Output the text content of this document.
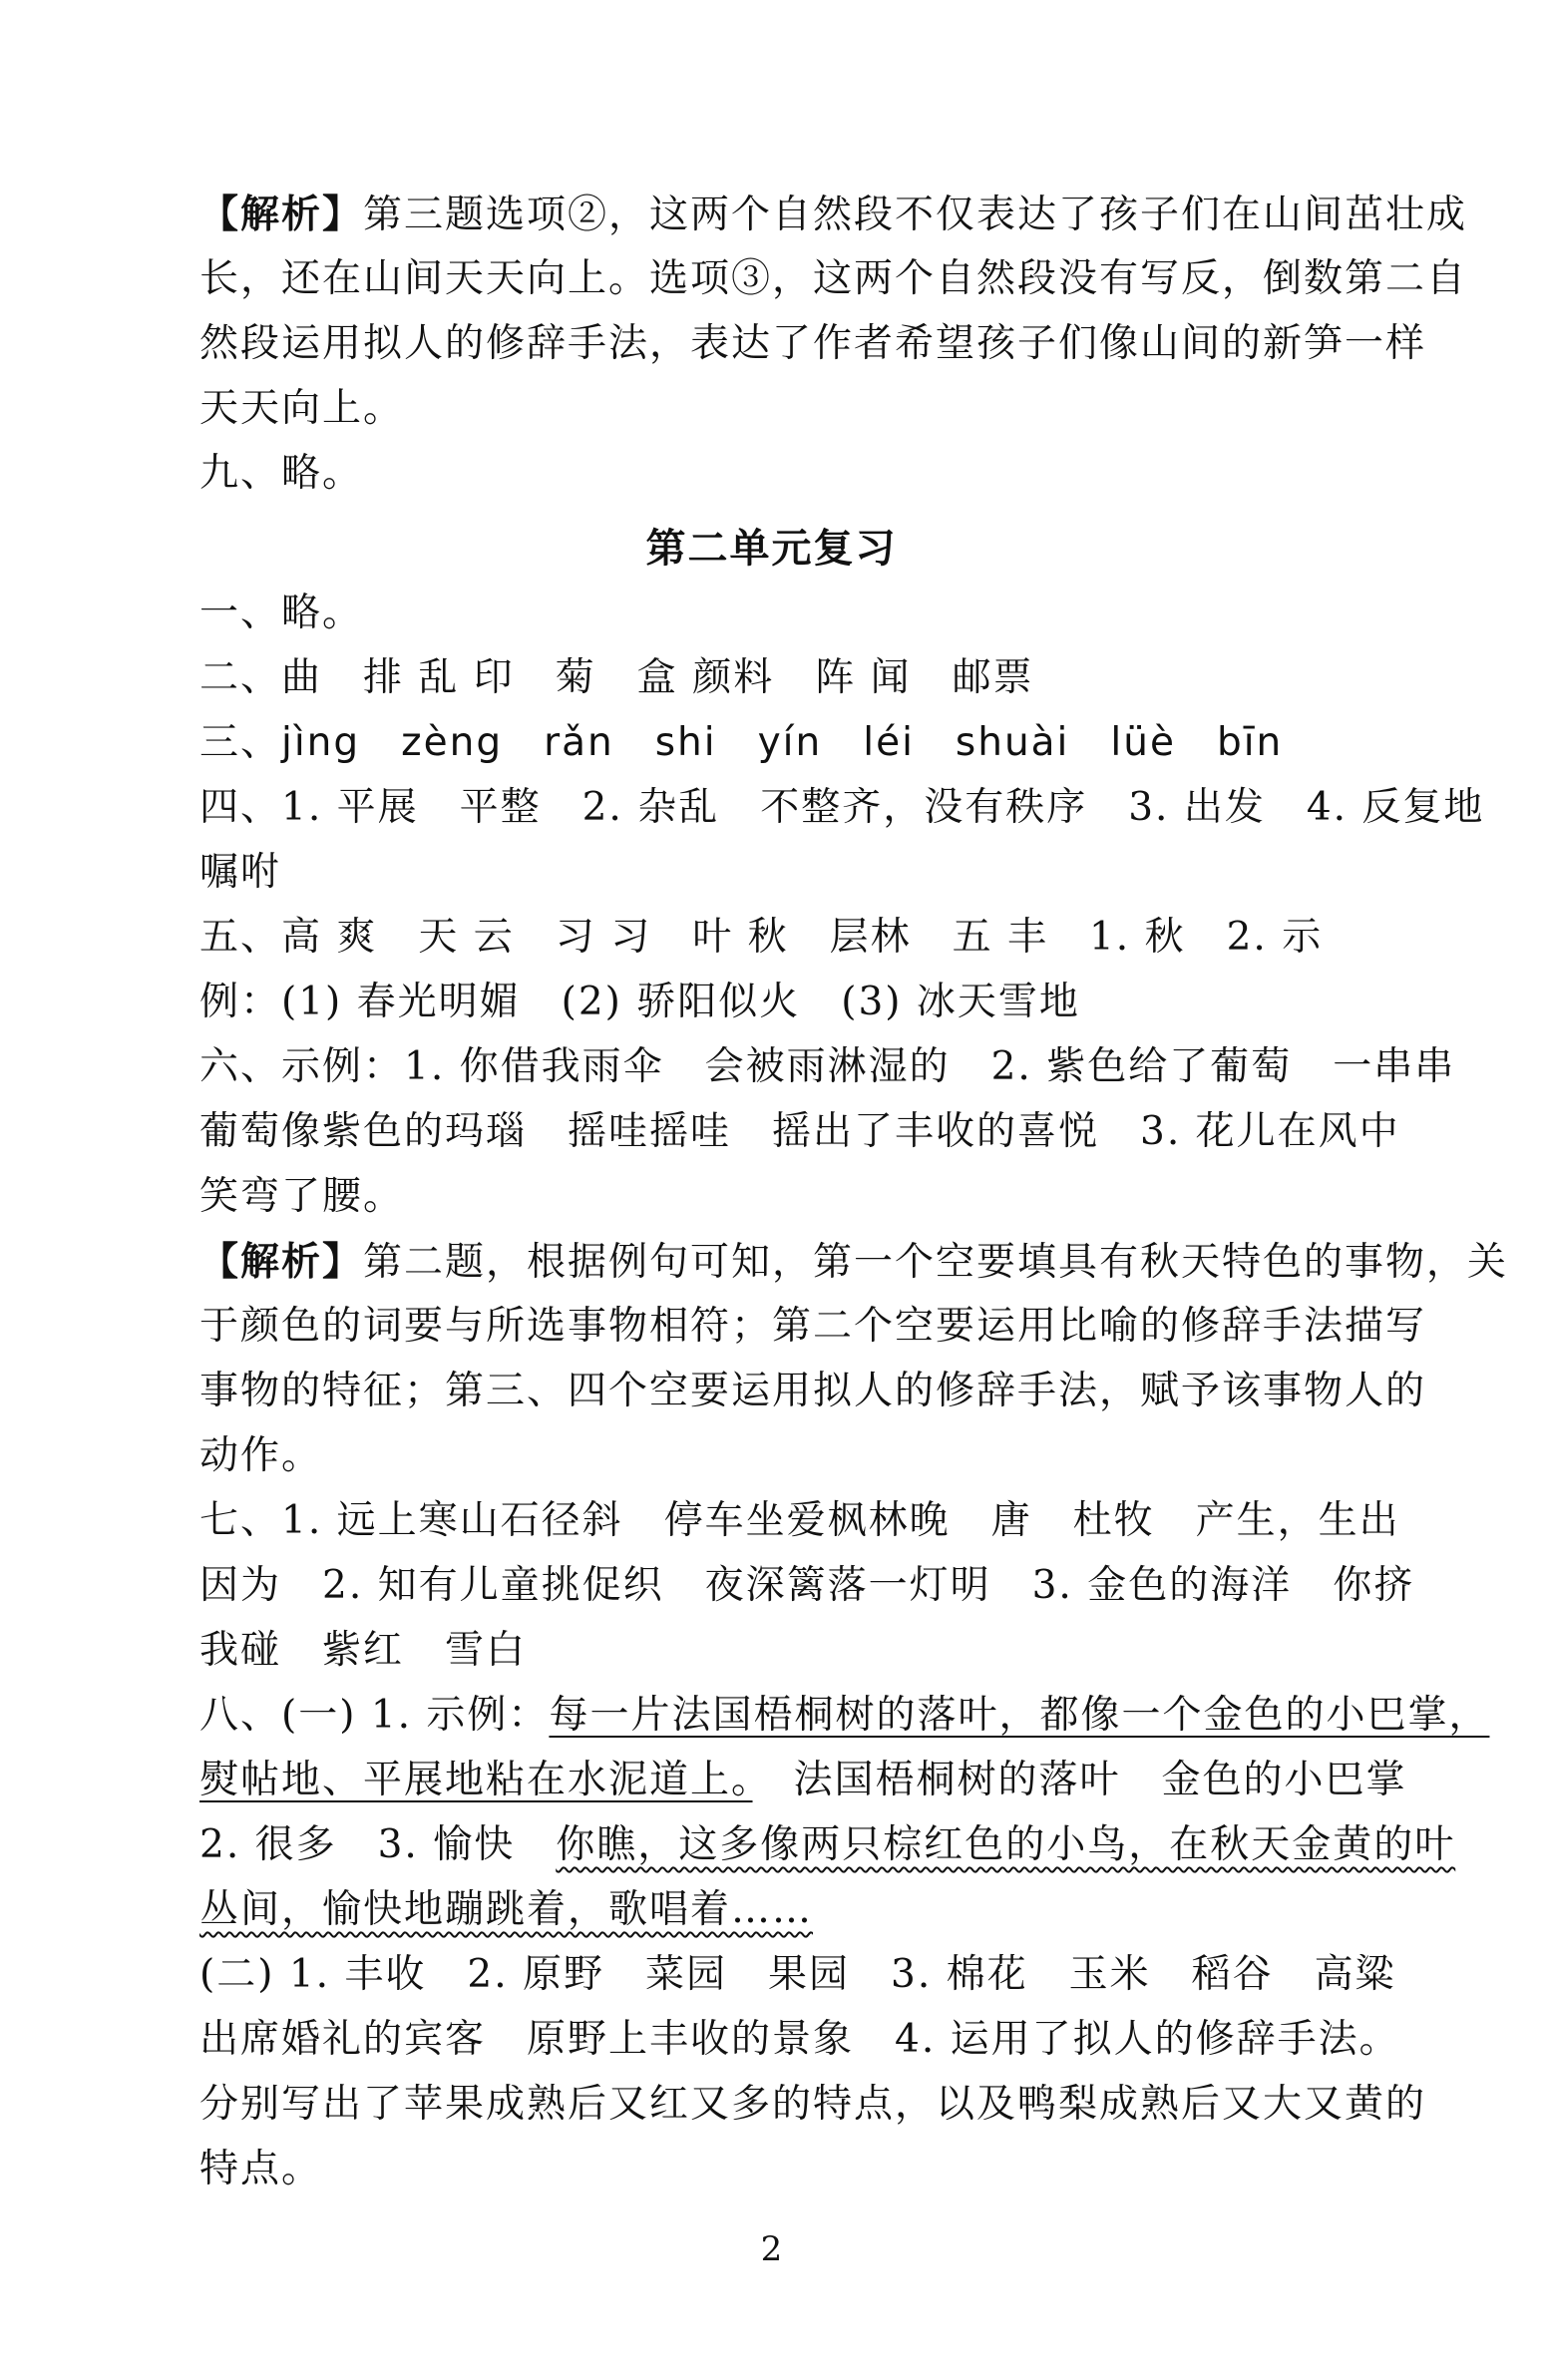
【解析】第三题选项②，这两个自然段不仅表达了孩子们在山间茁壮成
长，还在山间天天向上。选项③，这两个自然段没有写反，倒数第二自
然段运用拟人的修辞手法，表达了作者希望孩子们像山间的新笋一样
天天向上。
九、略。
第二单元复习
一、略。
二、曲　排 乱 印　菊　盒 颜料　阵 闻　邮票
三、jìng　zèng　rǎn　shi　yín　léi　shuài　lüè　bīn
四、1. 平展　平整　2. 杂乱　不整齐，没有秩序　3. 出发　4. 反复地
嘱咐
五、高 爽　天 云　习 习　叶 秋　层林　五 丰　1. 秋　2. 示
例：(1) 春光明媚　(2) 骄阳似火　(3) 冰天雪地
六、示例：1. 你借我雨伞　会被雨淋湿的　2. 紫色给了葡萄　一串串
葡萄像紫色的玛瑙　摇哇摇哇　摇出了丰收的喜悦　3. 花儿在风中
笑弯了腰。
【解析】第二题，根据例句可知，第一个空要填具有秋天特色的事物，关
于颜色的词要与所选事物相符；第二个空要运用比喻的修辞手法描写
事物的特征；第三、四个空要运用拟人的修辞手法，赋予该事物人的
动作。
七、1. 远上寒山石径斜　停车坐爱枫林晚　唐　杜牧　产生，生出
因为　2. 知有儿童挑促织　夜深篱落一灯明　3. 金色的海洋　你挤
我碰　紫红　雪白
八、(一) 1. 示例：每一片法国梧桐树的落叶，都像一个金色的小巴掌，
熨帖地、平展地粘在水泥道上。　法国梧桐树的落叶　金色的小巴掌
2. 很多　3. 愉快　你瞧，这多像两只棕红色的小鸟，在秋天金黄的叶
丛间，愉快地蹦跳着，歌唱着……
(二) 1. 丰收　2. 原野　菜园　果园　3. 棉花　玉米　稻谷　高粱
出席婚礼的宾客　原野上丰收的景象　4. 运用了拟人的修辞手法。
分别写出了苹果成熟后又红又多的特点，以及鸭梨成熟后又大又黄的
特点。
2
